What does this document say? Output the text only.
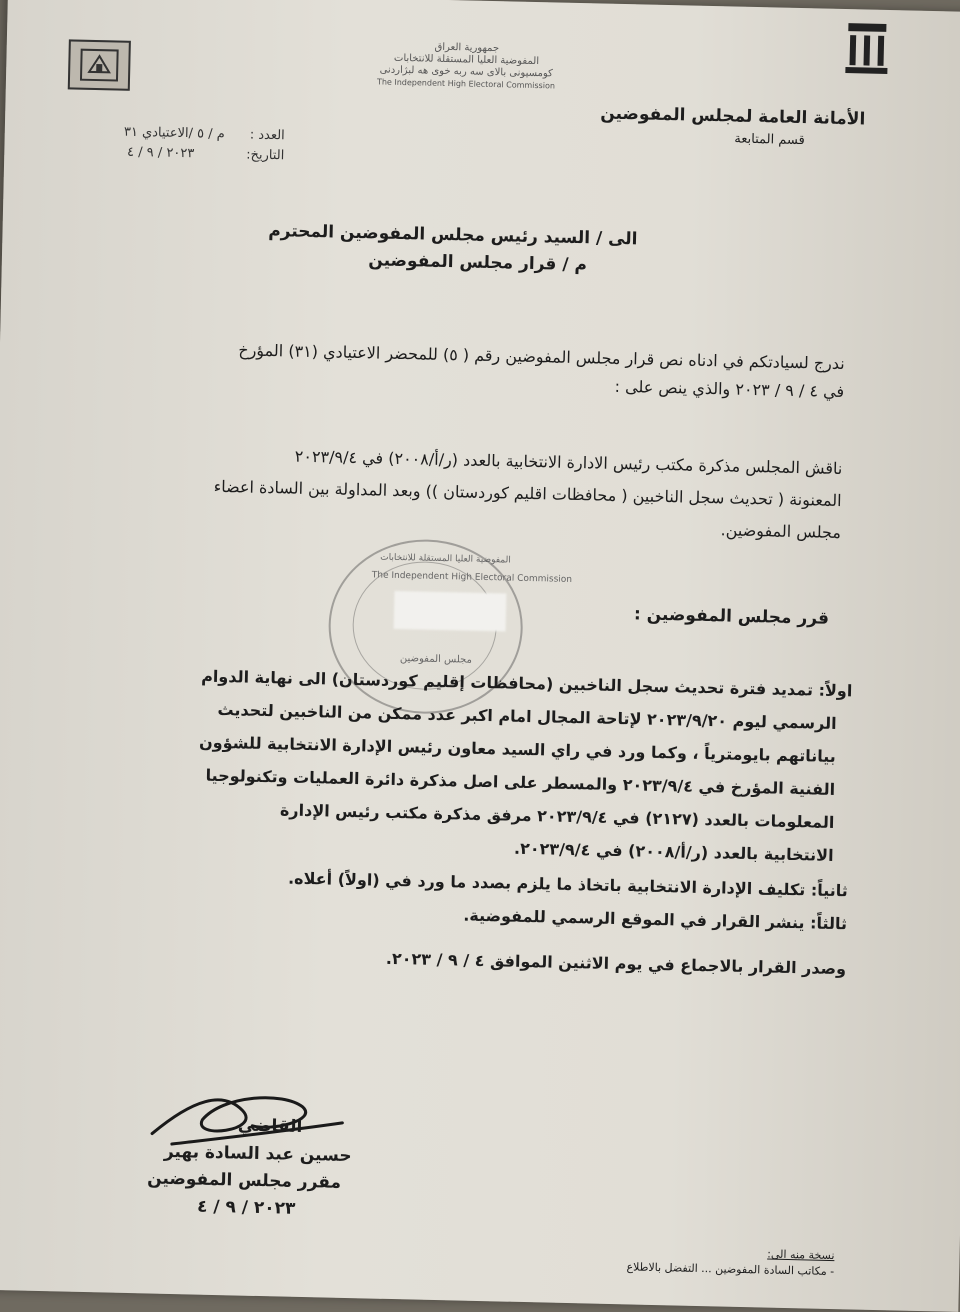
جمهورية العراق
المفوضية العليا المستقلة للانتخابات
كومسيونى بالاى سه ربه خوى هه لبژاردنى
The Independent High Electoral Commission
الأمانة العامة لمجلس المفوضين
قسم المتابعة
العدد :
م / ٥ /الاعتيادي ٣١
التاريخ:
٢٠٢٣ / ٩ / ٤
الى / السيد رئيس مجلس المفوضين المحترم
م / قرار مجلس المفوضين
ندرج لسيادتكم في ادناه نص قرار مجلس المفوضين رقم ( ٥) للمحضر الاعتيادي (٣١) المؤرخ
في ٤ / ٩ / ٢٠٢٣ والذي ينص على :
ناقش المجلس مذكرة مكتب رئيس الادارة الانتخابية بالعدد (ر/أ/٢٠٠٨) في ٢٠٢٣/٩/٤
المعنونة ( تحديث سجل الناخبين ( محافظات اقليم كوردستان )) وبعد المداولة بين السادة اعضاء
مجلس المفوضين.
The Independent High Electoral Commission
المفوضية العليا المستقلة للانتخابات
مجلس المفوضين
قرر مجلس المفوضين :
اولاً: تمديد فترة تحديث سجل الناخبين (محافظات إقليم كوردستان) الى نهاية الدوام
الرسمي ليوم ٢٠٢٣/٩/٢٠ لإتاحة المجال امام اكبر عدد ممكن من الناخبين لتحديث
بياناتهم بايومترياً ، وكما ورد في راي السيد معاون رئيس الإدارة الانتخابية للشؤون
الفنية المؤرخ في ٢٠٢٣/٩/٤ والمسطر على اصل مذكرة دائرة العمليات وتكنولوجيا
المعلومات بالعدد (٢١٢٧) في ٢٠٢٣/٩/٤ مرفق مذكرة مكتب رئيس الإدارة
الانتخابية بالعدد (ر/أ/٢٠٠٨) في ٢٠٢٣/٩/٤.
ثانياً: تكليف الإدارة الانتخابية باتخاذ ما يلزم بصدد ما ورد في (اولاً) أعلاه.
ثالثاً: ينشر القرار في الموقع الرسمي للمفوضية.
وصدر القرار بالاجماع في يوم الاثنين الموافق ٤ / ٩ / ٢٠٢٣.
القاضي
حسين عبد السادة بهير
مقرر مجلس المفوضين
٢٠٢٣ / ٩ / ٤
نسخة منه الى:
- مكاتب السادة المفوضين ... التفضل بالاطلاع
